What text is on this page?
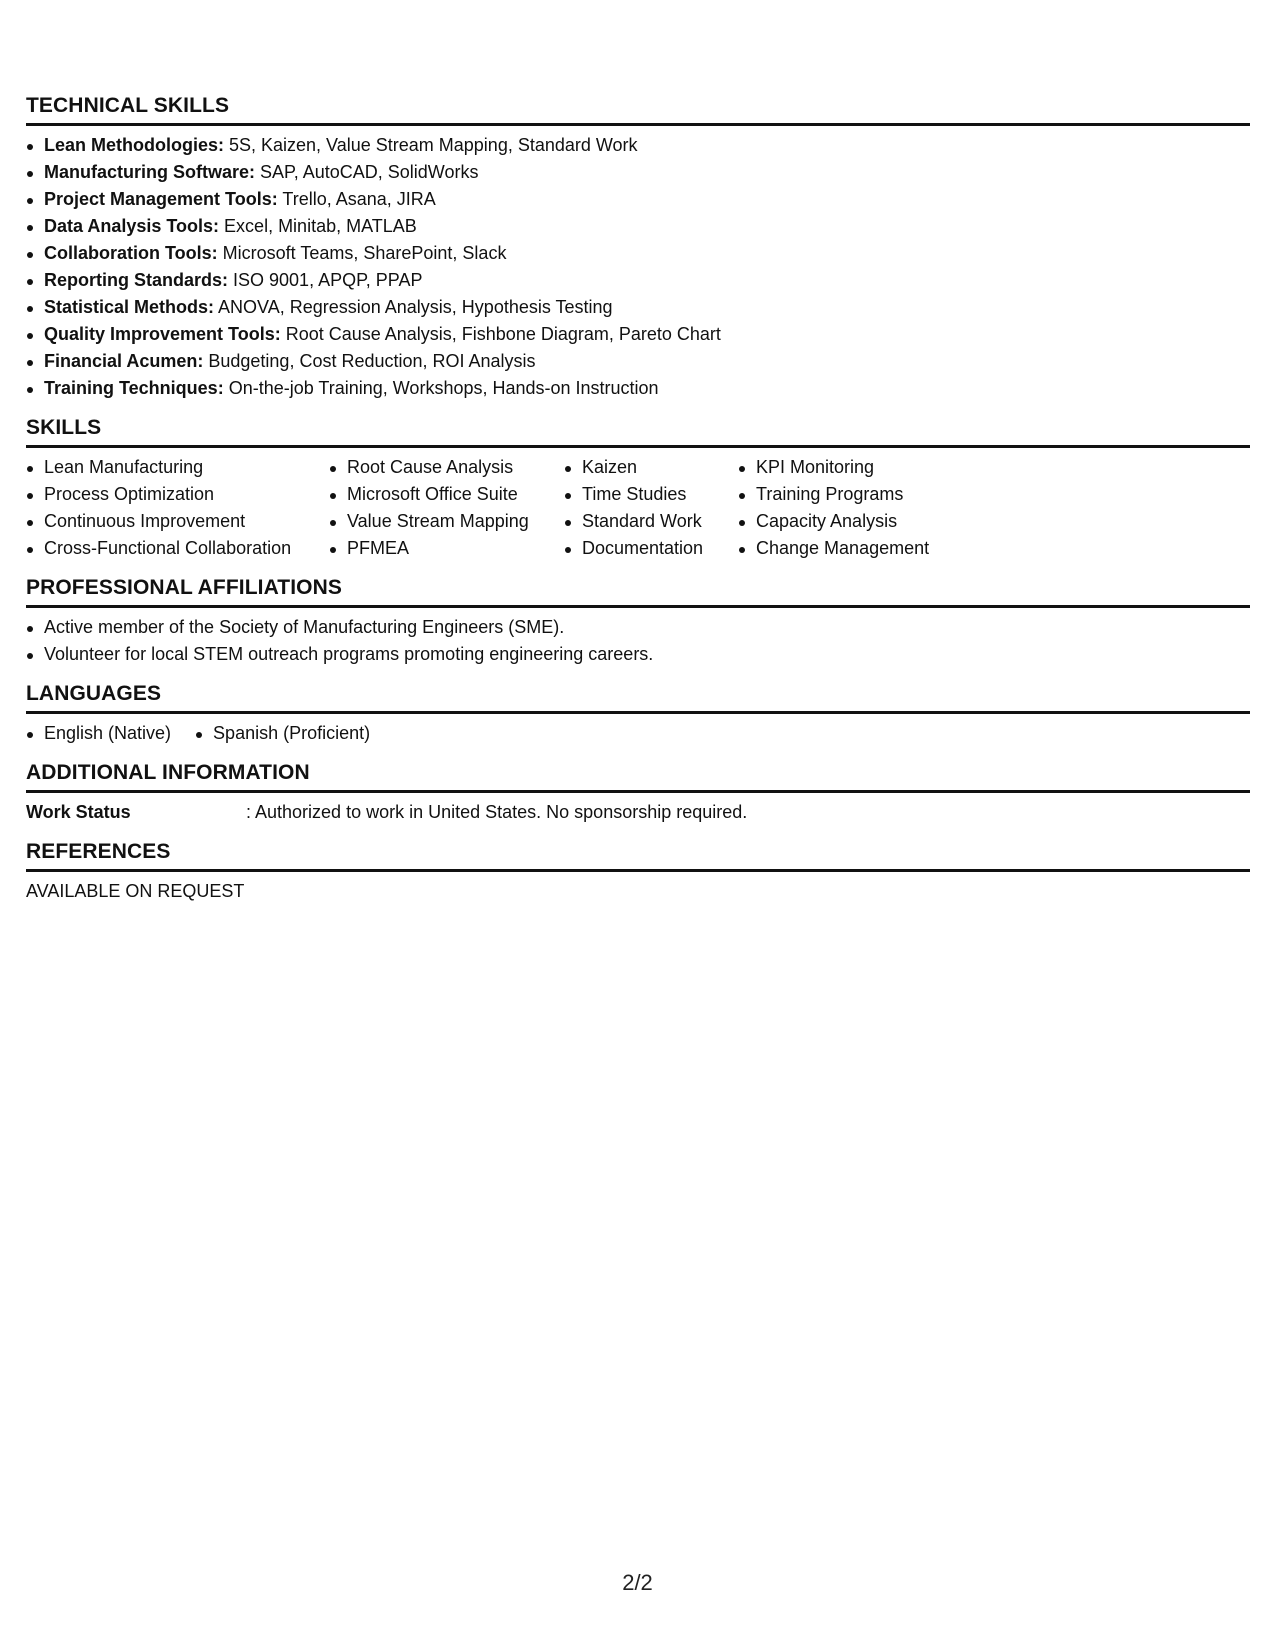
TECHNICAL SKILLS
Lean Methodologies: 5S, Kaizen, Value Stream Mapping, Standard Work
Manufacturing Software: SAP, AutoCAD, SolidWorks
Project Management Tools: Trello, Asana, JIRA
Data Analysis Tools: Excel, Minitab, MATLAB
Collaboration Tools: Microsoft Teams, SharePoint, Slack
Reporting Standards: ISO 9001, APQP, PPAP
Statistical Methods: ANOVA, Regression Analysis, Hypothesis Testing
Quality Improvement Tools: Root Cause Analysis, Fishbone Diagram, Pareto Chart
Financial Acumen: Budgeting, Cost Reduction, ROI Analysis
Training Techniques: On-the-job Training, Workshops, Hands-on Instruction
SKILLS
Lean Manufacturing
Process Optimization
Continuous Improvement
Cross-Functional Collaboration
Root Cause Analysis
Microsoft Office Suite
Value Stream Mapping
PFMEA
Kaizen
Time Studies
Standard Work
Documentation
KPI Monitoring
Training Programs
Capacity Analysis
Change Management
PROFESSIONAL AFFILIATIONS
Active member of the Society of Manufacturing Engineers (SME).
Volunteer for local STEM outreach programs promoting engineering careers.
LANGUAGES
English (Native)	Spanish (Proficient)
ADDITIONAL INFORMATION
Work Status	: Authorized to work in United States. No sponsorship required.
REFERENCES
AVAILABLE ON REQUEST
2/2
